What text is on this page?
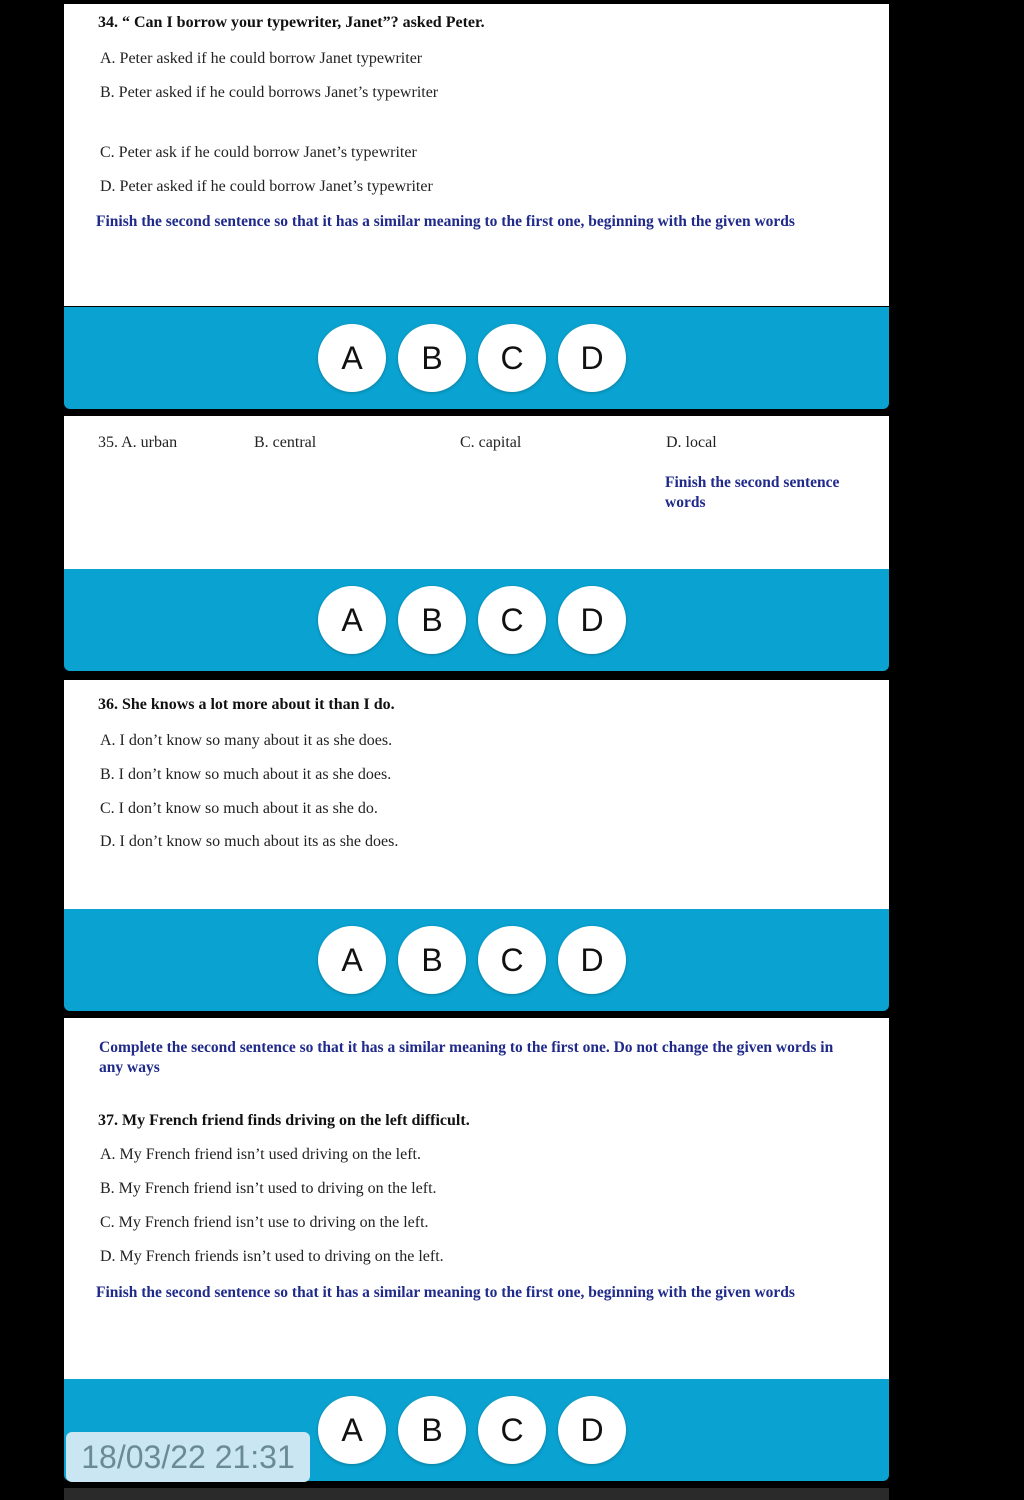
34. “ Can I borrow your typewriter, Janet”? asked Peter.
A. Peter asked if he could borrow Janet typewriter
B. Peter asked if he could borrows Janet’s typewriter
C. Peter ask if he could borrow Janet’s typewriter
D. Peter asked if he could borrow Janet’s typewriter
Finish the second sentence so that it has a similar meaning to the first one, beginning with the given words
A	B	C	D
35. A. urban	B. central	C. capital	D. local
Finish the second sentence words
A	B	C	D
36. She knows a lot more about it than I do.
A. I don’t know so many about it as she does.
B. I don’t know so much about it as she does.
C. I don’t know so much about it as she do.
D. I don’t know so much about its as she does.
A	B	C	D
Complete the second sentence so that it has a similar meaning to the first one. Do not change the given words in any ways
37. My French friend finds driving on the left difficult.
A. My French friend isn’t used driving on the left.
B. My French friend isn’t used to driving on the left.
C. My French friend isn’t use to driving on the left.
D. My French friends isn’t used to driving on the left.
Finish the second sentence so that it has a similar meaning to the first one, beginning with the given words
A	B	C	D
18/03/22 21:31
